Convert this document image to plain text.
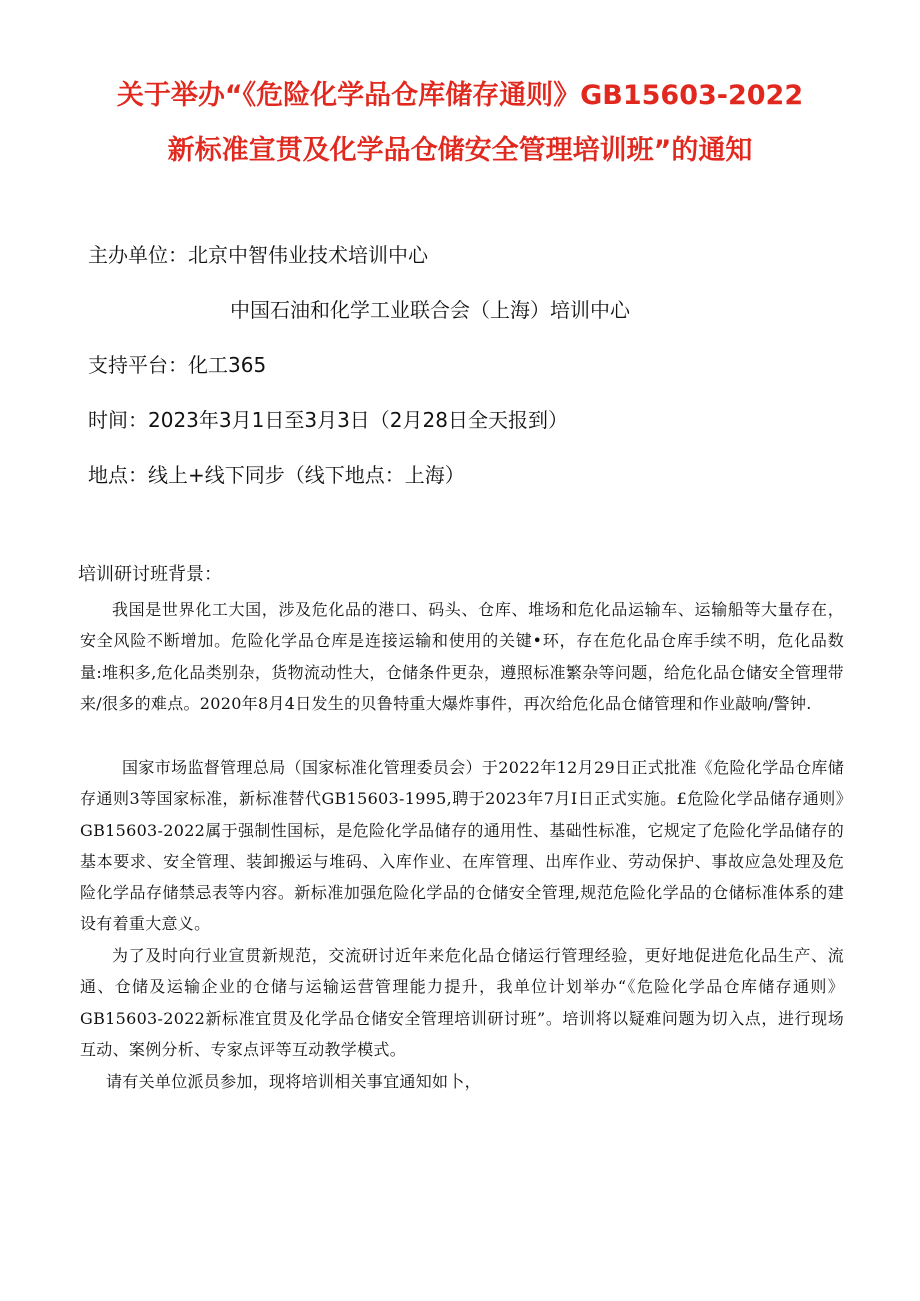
关于举办“《危险化学品仓库储存通则》GB15603-2022
新标准宣贯及化学品仓储安全管理培训班”的通知
主办单位：北京中智伟业技术培训中心
中国石油和化学工业联合会（上海）培训中心
支持平台：化工365
时间：2023年3月1日至3月3日（2月28日全天报到）
地点：线上+线下同步（线下地点：上海）
培训研讨班背景：
我国是世界化工大国，涉及危化品的港口、码头、仓库、堆场和危化品运输车、运输船等大量存在，安全风险不断增加。危险化学品仓库是连接运输和使用的关键•环，存在危化品仓库手续不明，危化品数量:堆积多,危化品类别杂，货物流动性大，仓储条件更杂，遵照标准繁杂等问题，给危化品仓储安全管理带来/很多的难点。2020年8月4日发生的贝鲁特重大爆炸事件，再次给危化品仓储管理和作业敲响/警钟.
国家市场监督管理总局（国家标准化管理委员会）于2022年12月29日正式批准《危险化学品仓库储存通则3等国家标准，新标准替代GB15603-1995,聘于2023年7月I日正式实施。£危险化学品储存通则》GB15603-2022属于强制性国标，是危险化学品储存的通用性、基础性标准，它规定了危险化学品储存的基本要求、安全管理、装卸搬运与堆码、入库作业、在库管理、出库作业、劳动保护、事故应急处理及危险化学品存储禁忌表等内容。新标准加强危险化学品的仓储安全管理,规范危险化学品的仓储标准体系的建设有着重大意义。
为了及时向行业宣贯新规范，交流研讨近年来危化品仓储运行管理经验，更好地促进危化品生产、流通、仓储及运输企业的仓储与运输运营管理能力提升，我单位计划举办“《危险化学品仓库储存通则》GB15603-2022新标准宜贯及化学品仓储安全管理培训研讨班”。培训将以疑难问题为切入点，进行现场互动、案例分析、专家点评等互动教学模式。
请有关单位派员参加，现将培训相关事宜通知如卜，
